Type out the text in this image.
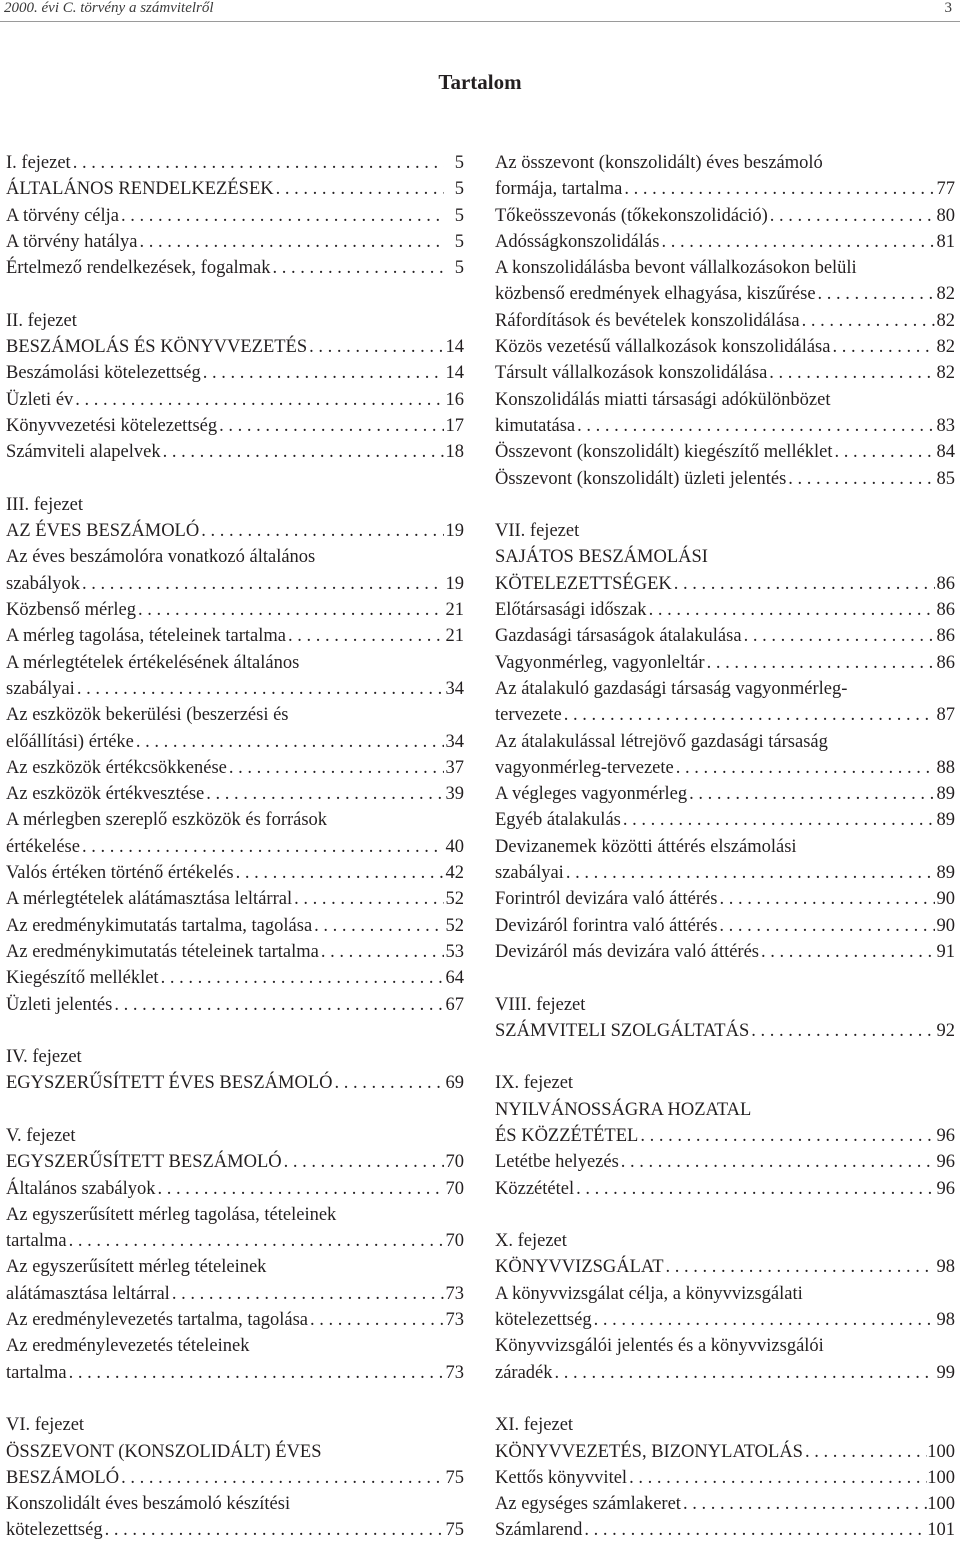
2000. évi C. törvény a számvitelről	3
Tartalom
I. fejezet . . .	5
ÁLTALÁNOS RENDELKEZÉSEK . . .	5
A törvény célja . . .	5
A törvény hatálya . . .	5
Értelmező rendelkezések, fogalmak . . .	5
II. fejezet
BESZÁMOLÁS ÉS KÖNYVVEZETÉS . . .	14
Beszámolási kötelezettség . . .	14
Üzleti év . . .	16
Könyvvezetési kötelezettség . . .	17
Számviteli alapelvek . . .	18
III. fejezet
AZ ÉVES BESZÁMOLÓ . . .	19
Az éves beszámolóra vonatkozó általános
szabályok . . .	19
Közbenső mérleg . . .	21
A mérleg tagolása, tételeinek tartalma . . .	21
A mérlegtételek értékelésének általános
szabályai . . .	34
Az eszközök bekerülési (beszerzési és
előállítási) értéke . . .	34
Az eszközök értékcsökkenése . . .	37
Az eszközök értékvesztése . . .	39
A mérlegben szereplő eszközök és források
értékelése . . .	40
Valós értéken történő értékelés . . .	42
A mérlegtételek alátámasztása leltárral . . .	52
Az eredménykimutatás tartalma, tagolása . . .	52
Az eredménykimutatás tételeinek tartalma . . .	53
Kiegészítő melléklet . . .	64
Üzleti jelentés . . .	67
IV. fejezet
EGYSZERŰSÍTETT ÉVES BESZÁMOLÓ . . .	69
V. fejezet
EGYSZERŰSÍTETT BESZÁMOLÓ . . .	70
Általános szabályok . . .	70
Az egyszerűsített mérleg tagolása, tételeinek
tartalma . . .	70
Az egyszerűsített mérleg tételeinek
alátámasztása leltárral . . .	73
Az eredménylevezetés tartalma, tagolása . . .	73
Az eredménylevezetés tételeinek
tartalma . . .	73
VI. fejezet
ÖSSZEVONT (KONSZOLIDÁLT) ÉVES
BESZÁMOLÓ . . .	75
Konszolidált éves beszámoló készítési
kötelezettség . . .	75
Az összevont (konszolidált) éves beszámoló
formája, tartalma . . .	77
Tőkeösszevonás (tőkekonszolidáció) . . .	80
Adósságkonszolidálás . . .	81
A konszolidálásba bevont vállalkozásokon belüli
közbenső eredmények elhagyása, kiszűrése . . .	82
Ráfordítások és bevételek konszolidálása . . .	82
Közös vezetésű vállalkozások konszolidálása . . .	82
Társult vállalkozások konszolidálása . . .	82
Konszolidálás miatti társasági adókülönbözet
kimutatása . . .	83
Összevont (konszolidált) kiegészítő melléklet . . .	84
Összevont (konszolidált) üzleti jelentés . . .	85
VII. fejezet
SAJÁTOS BESZÁMOLÁSI
KÖTELEZETTSÉGEK . . .	86
Előtársasági időszak . . .	86
Gazdasági társaságok átalakulása . . .	86
Vagyonmérleg, vagyonleltár . . .	86
Az átalakuló gazdasági társaság vagyonmérleg-
tervezete . . .	87
Az átalakulással létrejövő gazdasági társaság
vagyonmérleg-tervezete . . .	88
A végleges vagyonmérleg . . .	89
Egyéb átalakulás . . .	89
Devizanemek közötti áttérés elszámolási
szabályai . . .	89
Forintról devizára való áttérés . . .	90
Devizáról forintra való áttérés . . .	90
Devizáról más devizára való áttérés . . .	91
VIII. fejezet
SZÁMVITELI SZOLGÁLTATÁS . . .	92
IX. fejezet
NYILVÁNOSSÁGRA HOZATAL
ÉS KÖZZÉTÉTEL . . .	96
Letétbe helyezés . . .	96
Közzététel . . .	96
X. fejezet
KÖNYVVIZSGÁLAT . . .	98
A könyvvizsgálat célja, a könyvvizsgálati
kötelezettség . . .	98
Könyvvizsgálói jelentés és a könyvvizsgálói
záradék . . .	99
XI. fejezet
KÖNYVVEZETÉS, BIZONYLATOLÁS . . .	100
Kettős könyvvitel . . .	100
Az egységes számlakeret . . .	100
Számlarend . . .	101
